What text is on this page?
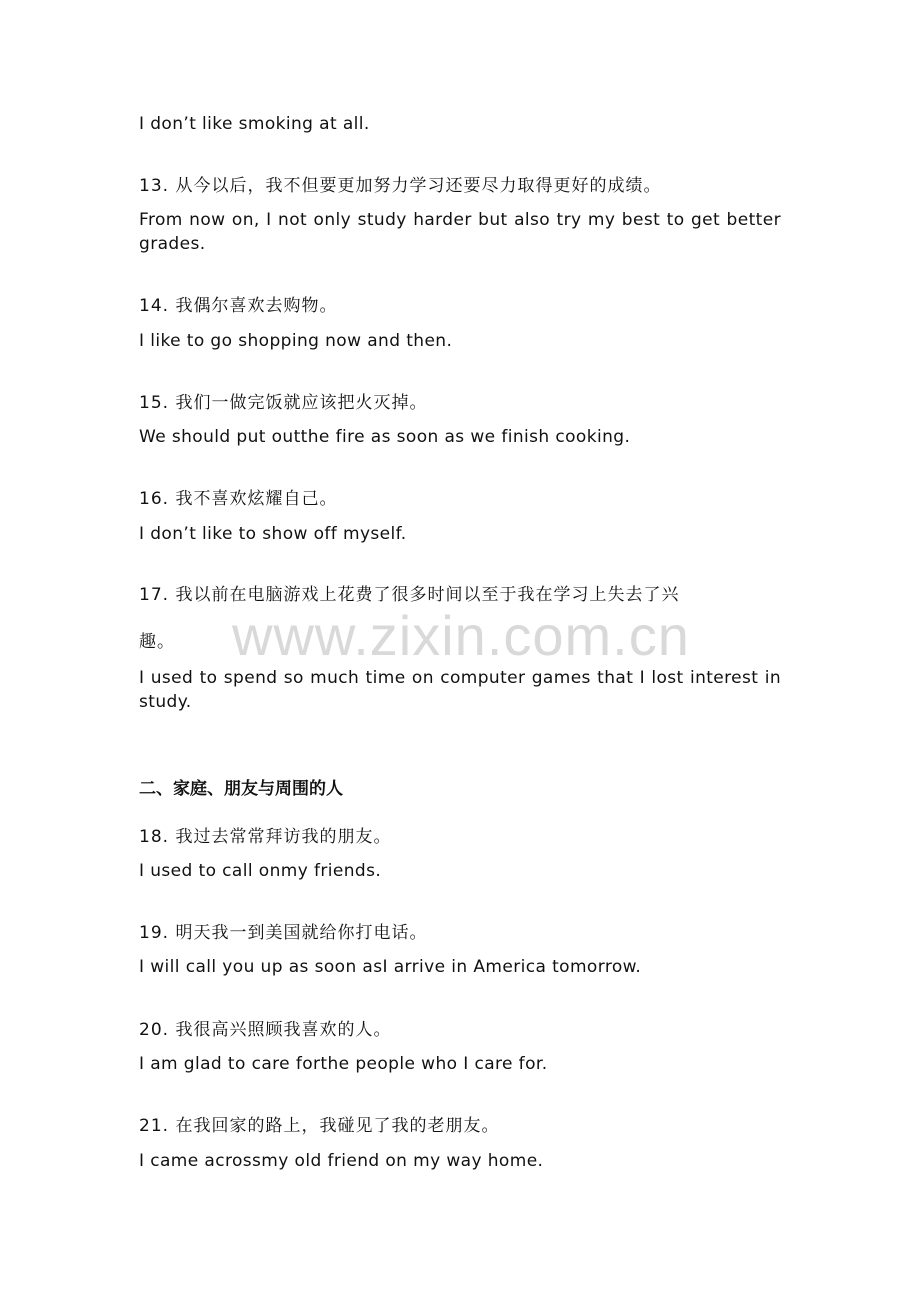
www.zixin.com.cn
I don’t like smoking at all.
13. 从今以后，我不但要更加努力学习还要尽力取得更好的成绩。
From now on, I not only study harder but also try my best to get better grades.
14. 我偶尔喜欢去购物。
I like to go shopping now and then.
15. 我们一做完饭就应该把火灭掉。
We should put outthe fire as soon as we finish cooking.
16. 我不喜欢炫耀自己。
I don’t like to show off myself.
17. 我以前在电脑游戏上花费了很多时间以至于我在学习上失去了兴
趣。
I used to spend so much time on computer games that I lost interest in study.
二、家庭、朋友与周围的人
18. 我过去常常拜访我的朋友。
I used to call onmy friends.
19. 明天我一到美国就给你打电话。
I will call you up as soon asI arrive in America tomorrow.
20. 我很高兴照顾我喜欢的人。
I am glad to care forthe people who I care for.
21. 在我回家的路上，我碰见了我的老朋友。
I came acrossmy old friend on my way home.
